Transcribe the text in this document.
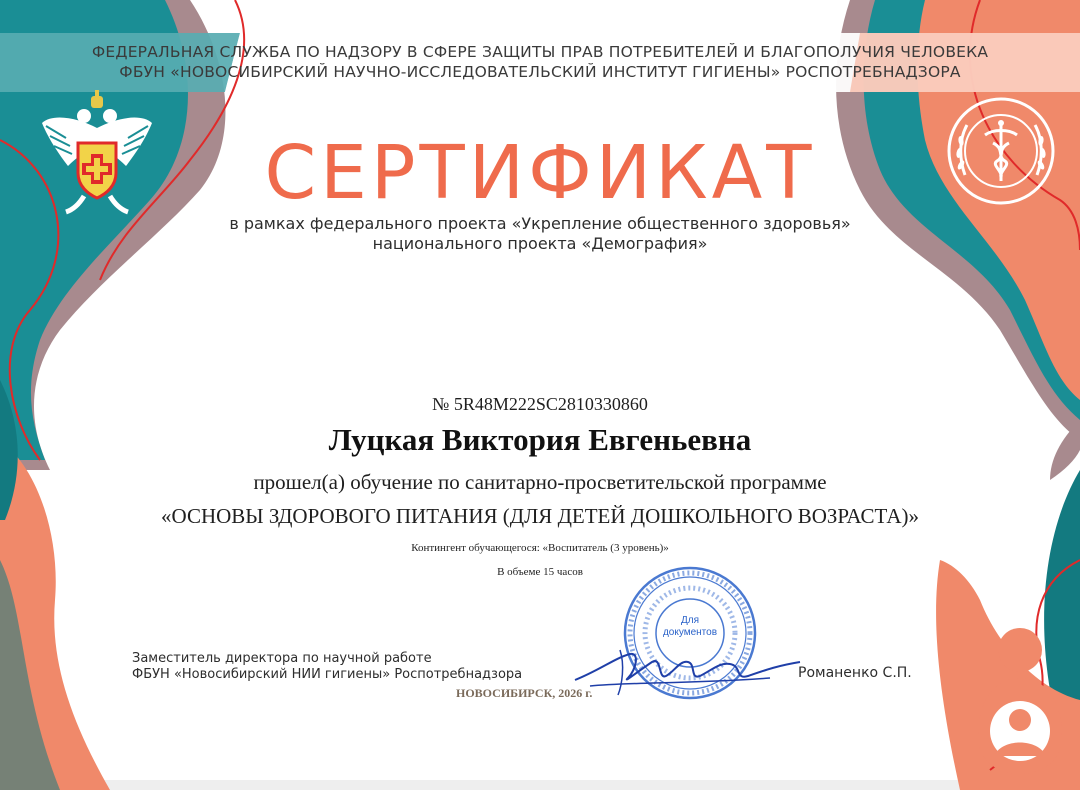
ФЕДЕРАЛЬНАЯ СЛУЖБА ПО НАДЗОРУ В СФЕРЕ ЗАЩИТЫ ПРАВ ПОТРЕБИТЕЛЕЙ И БЛАГОПОЛУЧИЯ ЧЕЛОВЕКА
ФБУН «НОВОСИБИРСКИЙ НАУЧНО-ИССЛЕДОВАТЕЛЬСКИЙ ИНСТИТУТ ГИГИЕНЫ» РОСПОТРЕБНАДЗОРА
СЕРТИФИКАТ
в рамках федерального проекта «Укрепление общественного здоровья»
национального проекта «Демография»
№ 5R48M222SC2810330860
Луцкая Виктория Евгеньевна
прошел(а) обучение по санитарно-просветительской программе
«ОСНОВЫ ЗДОРОВОГО ПИТАНИЯ (ДЛЯ ДЕТЕЙ ДОШКОЛЬНОГО ВОЗРАСТА)»
Контингент обучающегося: «Воспитатель (3 уровень)»
В объеме 15 часов
Для
документов
Заместитель директора по научной работе
ФБУН «Новосибирский НИИ гигиены» Роспотребнадзора	Романенко С.П.
НОВОСИБИРСК, 2026 г.
